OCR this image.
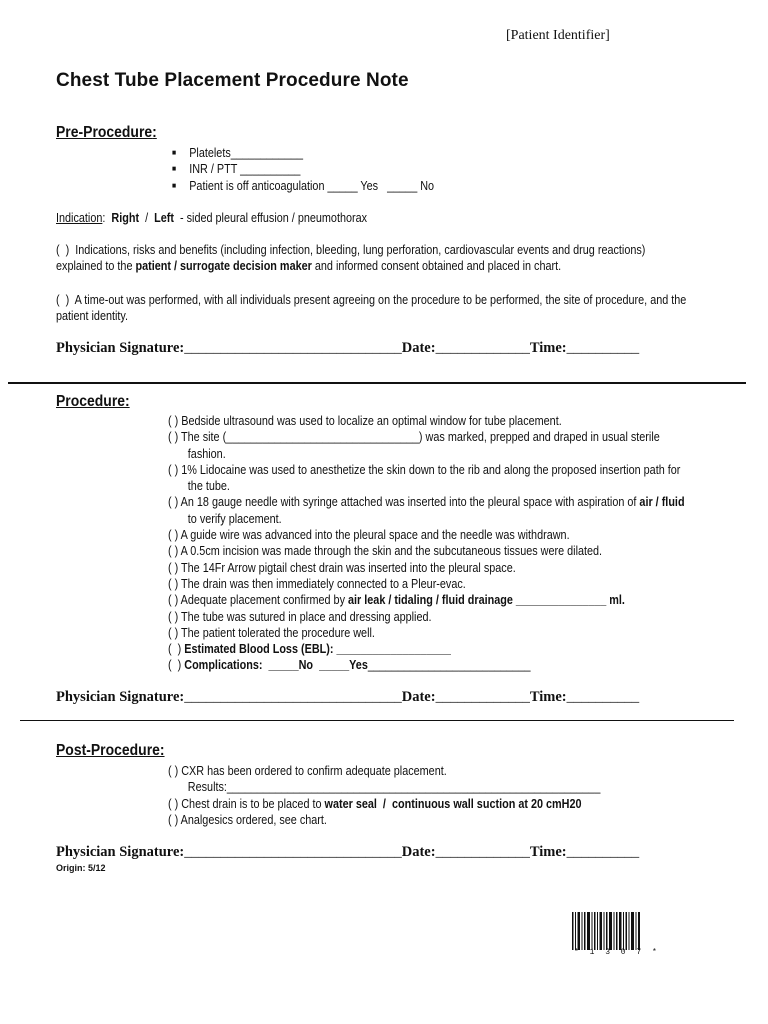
[Patient Identifier]
Chest Tube Placement Procedure Note
Pre-Procedure:
■	Platelets____________
■	INR / PTT __________
■	Patient is off anticoagulation _____ Yes   _____ No
Indication: Right / Left - sided pleural effusion / pneumothorax
(  )  Indications, risks and benefits (including infection, bleeding, lung perforation, cardiovascular events and drug reactions)
explained to the patient / surrogate decision maker and informed consent obtained and placed in chart.
(  )  A time-out was performed, with all individuals present agreeing on the procedure to be performed, the site of procedure, and the
patient identity.
Physician Signature:______________________________Date:_____________Time:__________
Procedure:
( ) Bedside ultrasound was used to localize an optimal window for tube placement.
( ) The site (________________________________) was marked, prepped and draped in usual sterile
fashion.
( ) 1% Lidocaine was used to anesthetize the skin down to the rib and along the proposed insertion path for
the tube.
( ) An 18 gauge needle with syringe attached was inserted into the pleural space with aspiration of air / fluid
to verify placement.
( ) A guide wire was advanced into the pleural space and the needle was withdrawn.
( ) A 0.5cm incision was made through the skin and the subcutaneous tissues were dilated.
( ) The 14Fr Arrow pigtail chest drain was inserted into the pleural space.
( ) The drain was then immediately connected to a Pleur-evac.
( ) Adequate placement confirmed by air leak / tidaling / fluid drainage _______________ ml.
( ) The tube was sutured in place and dressing applied.
( ) The patient tolerated the procedure well.
(  ) Estimated Blood Loss (EBL): ___________________
(  ) Complications:  _____No  _____Yes___________________________
Physician Signature:______________________________Date:_____________Time:__________
Post-Procedure:
( ) CXR has been ordered to confirm adequate placement.
Results:______________________________________________________________
( ) Chest drain is to be placed to water seal  /  continuous wall suction at 20 cmH20
( ) Analgesics ordered, see chart.
Physician Signature:______________________________Date:_____________Time:__________
Origin: 5/12
* 1 3 0 7 *
